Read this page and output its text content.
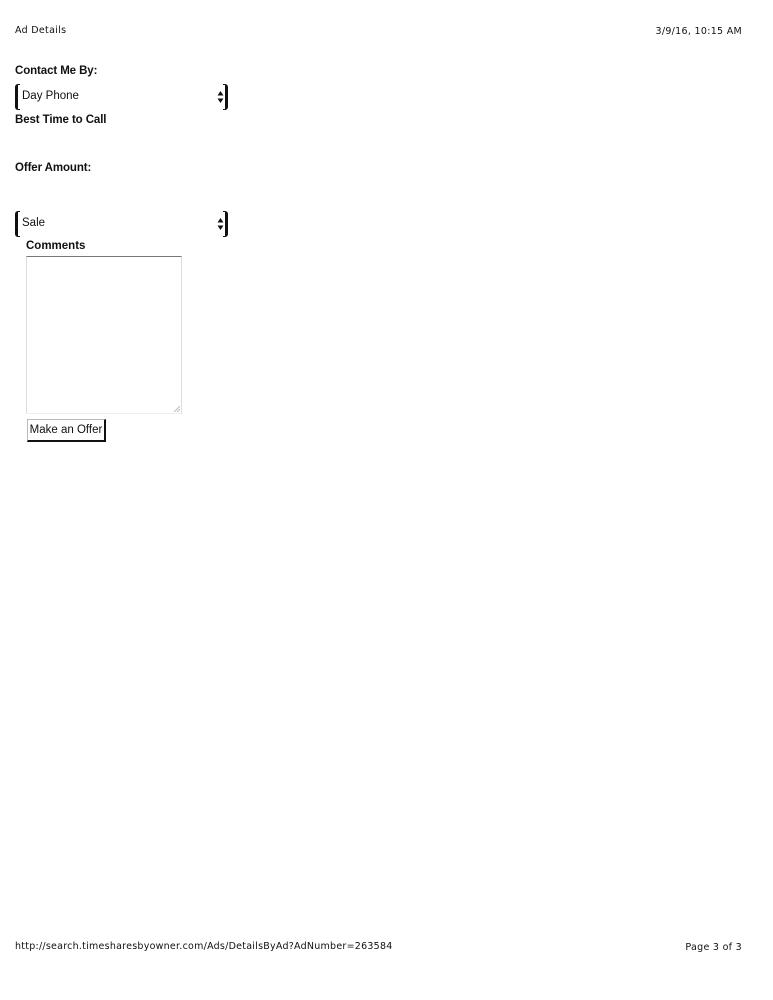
Ad Details	3/9/16, 10:15 AM
Contact Me By:
Day Phone
Best Time to Call
Offer Amount:
Sale
Comments
Make an Offer
http://search.timesharesbyowner.com/Ads/DetailsByAd?AdNumber=263584	Page 3 of 3
